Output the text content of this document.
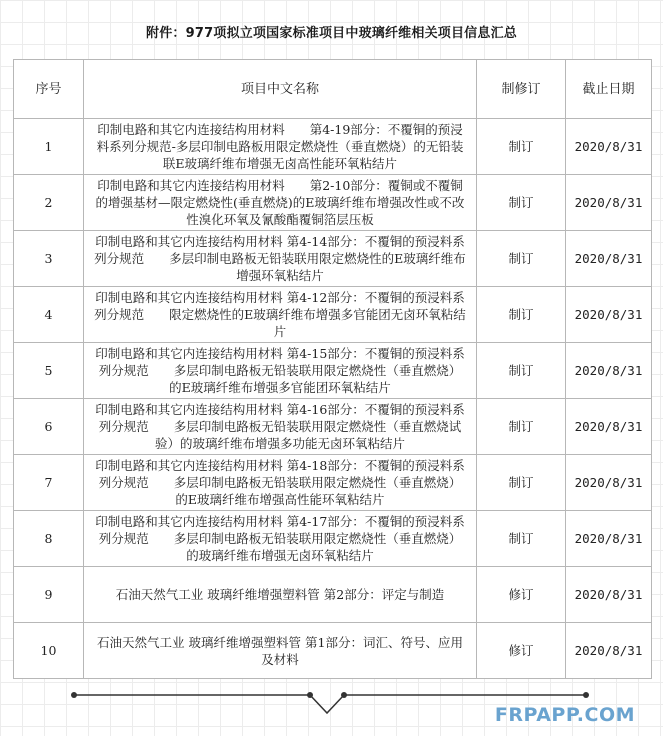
附件：977项拟立项国家标准项目中玻璃纤维相关项目信息汇总
序号	项目中文名称	制修订	截止日期
1	印制电路和其它内连接结构用材料　　第4-19部分：不覆铜的预浸料系列分规范-多层印制电路板用限定燃烧性（垂直燃烧）的无铅装联E玻璃纤维布增强无卤高性能环氧粘结片	制订	2020/8/31
2	印制电路和其它内连接结构用材料　　第2-10部分：覆铜或不覆铜的增强基材—限定燃烧性(垂直燃烧)的E玻璃纤维布增强改性或不改性溴化环氧及氰酸酯覆铜箔层压板	制订	2020/8/31
3	印制电路和其它内连接结构用材料 第4-14部分：不覆铜的预浸料系列分规范　　多层印制电路板无铅装联用限定燃烧性的E玻璃纤维布增强环氧粘结片	制订	2020/8/31
4	印制电路和其它内连接结构用材料 第4-12部分：不覆铜的预浸料系列分规范　　限定燃烧性的E玻璃纤维布增强多官能团无卤环氧粘结片	制订	2020/8/31
5	印制电路和其它内连接结构用材料 第4-15部分：不覆铜的预浸料系列分规范　　多层印制电路板无铅装联用限定燃烧性（垂直燃烧）的E玻璃纤维布增强多官能团环氧粘结片	制订	2020/8/31
6	印制电路和其它内连接结构用材料 第4-16部分：不覆铜的预浸料系列分规范　　多层印制电路板无铅装联用限定燃烧性（垂直燃烧试验）的玻璃纤维布增强多功能无卤环氧粘结片	制订	2020/8/31
7	印制电路和其它内连接结构用材料 第4-18部分：不覆铜的预浸料系列分规范　　多层印制电路板无铅装联用限定燃烧性（垂直燃烧）的E玻璃纤维布增强高性能环氧粘结片	制订	2020/8/31
8	印制电路和其它内连接结构用材料 第4-17部分：不覆铜的预浸料系列分规范　　多层印制电路板无铅装联用限定燃烧性（垂直燃烧）的玻璃纤维布增强无卤环氧粘结片	制订	2020/8/31
9	石油天然气工业 玻璃纤维增强塑料管 第2部分：评定与制造	修订	2020/8/31
10	石油天然气工业 玻璃纤维增强塑料管 第1部分：词汇、符号、应用及材料	修订	2020/8/31
FRPAPP.COM
